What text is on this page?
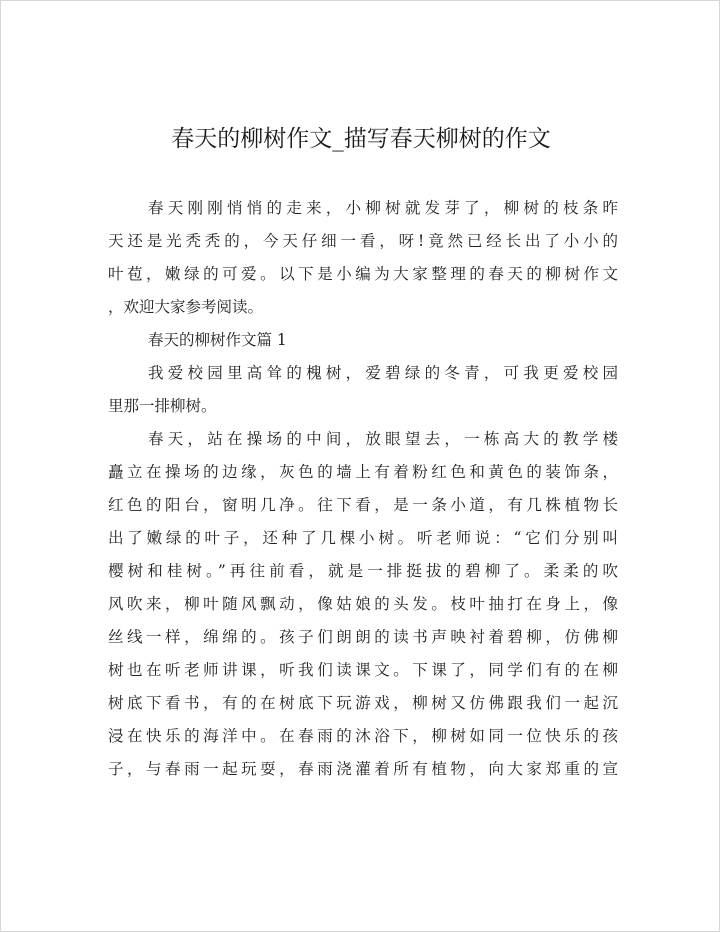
春天的柳树作文_描写春天柳树的作文
春天刚刚悄悄的走来，小柳树就发芽了，柳树的枝条昨
天还是光秃秃的，今天仔细一看，呀!竟然已经长出了小小的
叶苞，嫩绿的可爱。以下是小编为大家整理的春天的柳树作文
，欢迎大家参考阅读。
春天的柳树作文篇 1
我爱校园里高耸的槐树，爱碧绿的冬青，可我更爱校园
里那一排柳树。
春天，站在操场的中间，放眼望去，一栋高大的教学楼
矗立在操场的边缘，灰色的墙上有着粉红色和黄色的装饰条，
红色的阳台，窗明几净。往下看，是一条小道，有几株植物长
出了嫩绿的叶子，还种了几棵小树。听老师说：“它们分别叫
樱树和桂树。”再往前看，就是一排挺拔的碧柳了。柔柔的吹
风吹来，柳叶随风飘动，像姑娘的头发。枝叶抽打在身上，像
丝线一样，绵绵的。孩子们朗朗的读书声映衬着碧柳，仿佛柳
树也在听老师讲课，听我们读课文。下课了，同学们有的在柳
树底下看书，有的在树底下玩游戏，柳树又仿佛跟我们一起沉
浸在快乐的海洋中。在春雨的沐浴下，柳树如同一位快乐的孩
子，与春雨一起玩耍，春雨浇灌着所有植物，向大家郑重的宣
